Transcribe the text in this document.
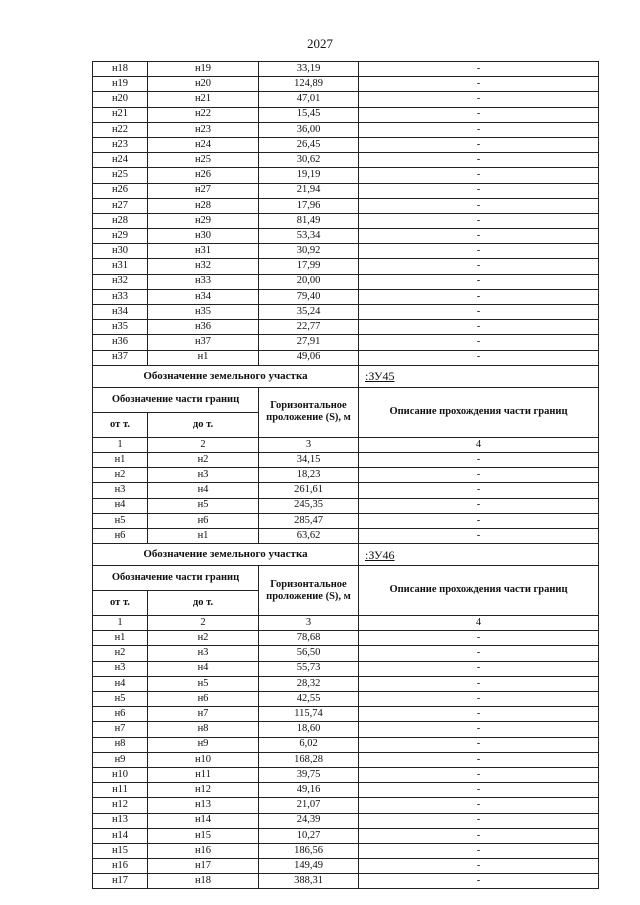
2027
н18	н19	33,19	-
н19	н20	124,89	-
н20	н21	47,01	-
н21	н22	15,45	-
н22	н23	36,00	-
н23	н24	26,45	-
н24	н25	30,62	-
н25	н26	19,19	-
н26	н27	21,94	-
н27	н28	17,96	-
н28	н29	81,49	-
н29	н30	53,34	-
н30	н31	30,92	-
н31	н32	17,99	-
н32	н33	20,00	-
н33	н34	79,40	-
н34	н35	35,24	-
н35	н36	22,77	-
н36	н37	27,91	-
н37	н1	49,06	-
Обозначение земельного участка			:ЗУ45
Обозначение части границ		Горизонтальное проложение (S), м	Описание прохождения части границ
от т.	до т.		
1	2	3	4
н1	н2	34,15	-
н2	н3	18,23	-
н3	н4	261,61	-
н4	н5	245,35	-
н5	н6	285,47	-
н6	н1	63,62	-
Обозначение земельного участка			:ЗУ46
Обозначение части границ		Горизонтальное проложение (S), м	Описание прохождения части границ
от т.	до т.		
1	2	3	4
н1	н2	78,68	-
н2	н3	56,50	-
н3	н4	55,73	-
н4	н5	28,32	-
н5	н6	42,55	-
н6	н7	115,74	-
н7	н8	18,60	-
н8	н9	6,02	-
н9	н10	168,28	-
н10	н11	39,75	-
н11	н12	49,16	-
н12	н13	21,07	-
н13	н14	24,39	-
н14	н15	10,27	-
н15	н16	186,56	-
н16	н17	149,49	-
н17	н18	388,31	-
